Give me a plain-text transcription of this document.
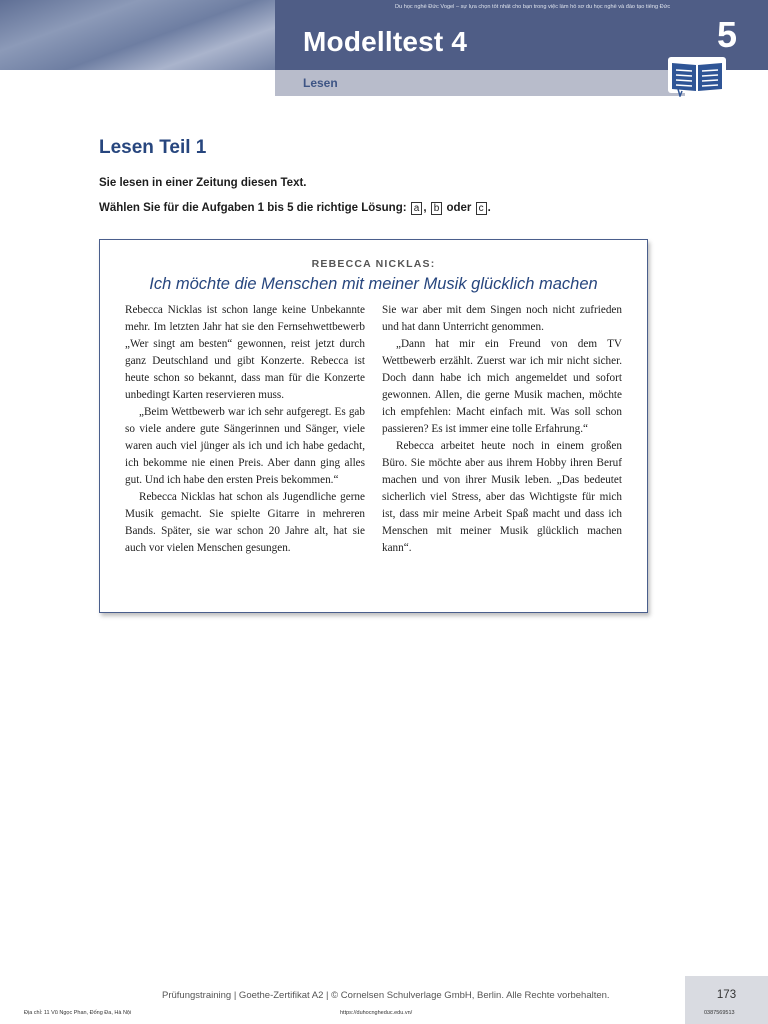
Du học nghề Đức Vogel – sự lựa chọn tốt nhất cho bạn trong việc làm hồ sơ du học nghề và đào tạo tiếng Đức
Modelltest 4	5
Lesen
Lesen Teil 1
Sie lesen in einer Zeitung diesen Text.
Wählen Sie für die Aufgaben 1 bis 5 die richtige Lösung: a , b oder c .
REBECCA NICKLAS:
Ich möchte die Menschen mit meiner Musik glücklich machen

Rebecca Nicklas ist schon lange keine Unbekannte mehr. Im letzten Jahr hat sie den Fernsehwettbewerb „Wer singt am besten“ gewonnen, reist jetzt durch ganz Deutschland und gibt Konzerte. Rebecca ist heute schon so bekannt, dass man für die Konzerte unbedingt Karten reservieren muss.

„Beim Wettbewerb war ich sehr aufgeregt. Es gab so viele andere gute Sängerinnen und Sänger, viele waren auch viel jünger als ich und ich habe gedacht, ich bekomme nie einen Preis. Aber dann ging alles gut. Und ich habe den ersten Preis bekommen.“

Rebecca Nicklas hat schon als Jugendliche gerne Musik gemacht. Sie spielte Gitarre in mehreren Bands. Später, sie war schon 20 Jahre alt, hat sie auch vor vielen Menschen gesungen.

Sie war aber mit dem Singen noch nicht zufrieden und hat dann Unterricht genommen.

„Dann hat mir ein Freund von dem TV Wettbewerb erzählt. Zuerst war ich mir nicht sicher. Doch dann habe ich mich angemeldet und sofort gewonnen. Allen, die gerne Musik machen, möchte ich empfehlen: Macht einfach mit. Was soll schon passieren? Es ist immer eine tolle Erfahrung.“

Rebecca arbeitet heute noch in einem großen Büro. Sie möchte aber aus ihrem Hobby ihren Beruf machen und von ihrer Musik leben. „Das bedeutet sicherlich viel Stress, aber das Wichtigste für mich ist, dass mir meine Arbeit Spaß macht und dass ich Menschen mit meiner Musik glücklich machen kann“.

Prüfungstraining | Goethe-Zertifikat A2 | © Cornelsen Schulverlage GmbH, Berlin. Alle Rechte vorbehalten.	173
Địa chỉ: 11 Vũ Ngọc Phan, Đống Đa, Hà Nội	https://duhocngheduc.edu.vn/	0387569513
